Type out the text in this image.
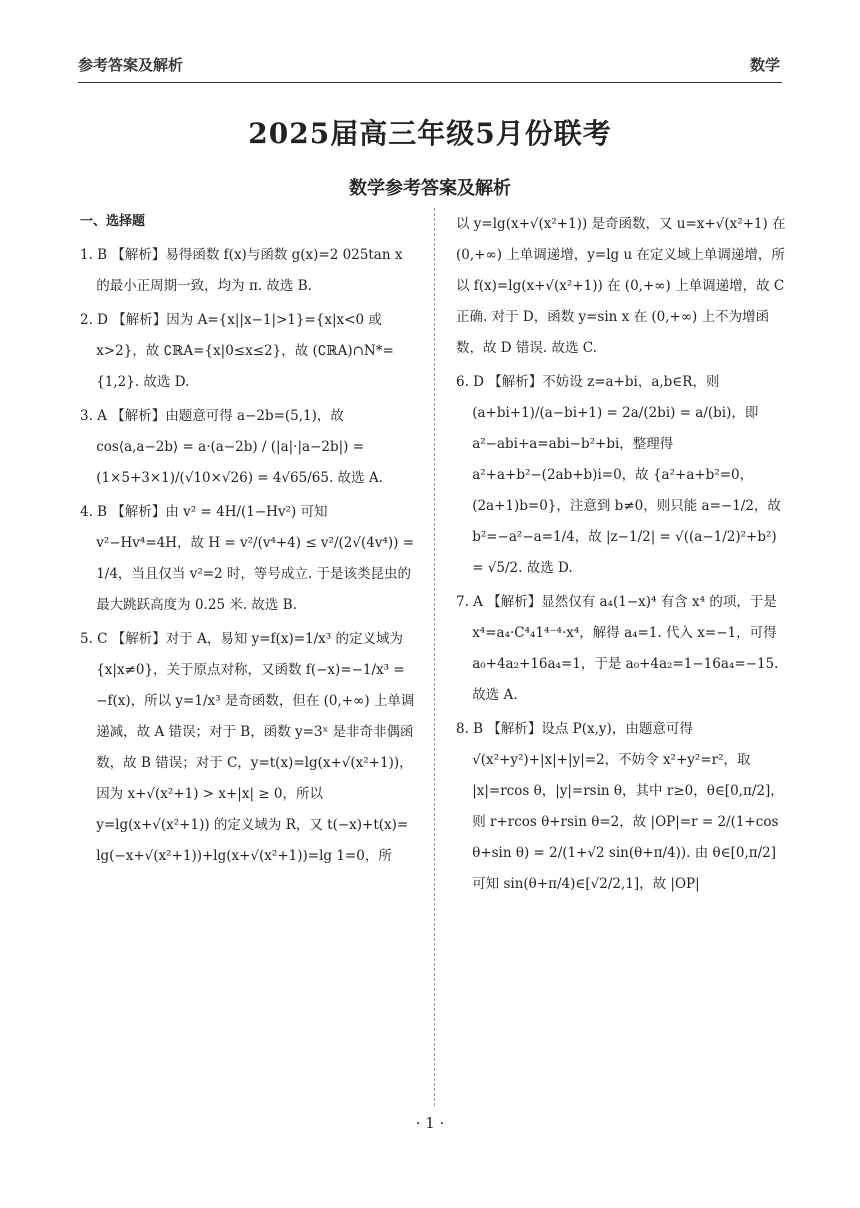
参考答案及解析	数学
2025届高三年级5月份联考
数学参考答案及解析
一、选择题
1. B 【解析】易得函数 f(x)与函数 g(x)=2 025tan x 的最小正周期一致，均为 π. 故选 B.
2. D 【解析】因为 A={x||x−1|>1}={x|x<0 或 x>2}，故 ∁ℝA={x|0≤x≤2}，故 (∁ℝA)∩N*={1,2}. 故选 D.
3. A 【解析】由题意可得 a−2b=(5,1)，故 cos⟨a,a−2b⟩ = a·(a−2b) / (|a|·|a−2b|) = (1×5+3×1)/(√10×√26) = 4√65/65. 故选 A.
4. B 【解析】由 v² = 4H/(1−Hv²) 可知 v²−Hv⁴=4H，故 H = v²/(v⁴+4) ≤ v²/(2√(4v⁴)) = 1/4，当且仅当 v²=2 时，等号成立. 于是该类昆虫的最大跳跃高度为 0.25 米. 故选 B.
5. C 【解析】对于 A，易知 y=f(x)=1/x³ 的定义域为 {x|x≠0}，关于原点对称，又函数 f(−x)=−1/x³ = −f(x)，所以 y=1/x³ 是奇函数，但在 (0,+∞) 上单调递减，故 A 错误；对于 B，函数 y=3ˣ 是非奇非偶函数，故 B 错误；对于 C，y=t(x)=lg(x+√(x²+1))，因为 x+√(x²+1) > x+|x| ≥ 0，所以 y=lg(x+√(x²+1)) 的定义域为 R，又 t(−x)+t(x)= lg(−x+√(x²+1))+lg(x+√(x²+1))=lg 1=0，所
以 y=lg(x+√(x²+1)) 是奇函数，又 u=x+√(x²+1) 在 (0,+∞) 上单调递增，y=lg u 在定义域上单调递增，所以 f(x)=lg(x+√(x²+1)) 在 (0,+∞) 上单调递增，故 C 正确. 对于 D，函数 y=sin x 在 (0,+∞) 上不为增函数，故 D 错误. 故选 C.
6. D 【解析】不妨设 z=a+bi，a,b∈R，则 (a+bi+1)/(a−bi+1) = 2a/(2bi) = a/(bi)，即 a²−abi+a=abi−b²+bi，整理得 a²+a+b²−(2ab+b)i=0，故 {a²+a+b²=0，(2a+1)b=0}，注意到 b≠0，则只能 a=−1/2，故 b²=−a²−a=1/4，故 |z−1/2| = √((a−1/2)²+b²) = √5/2. 故选 D.
7. A 【解析】显然仅有 a₄(1−x)⁴ 有含 x⁴ 的项，于是 x⁴=a₄·C⁴₄1⁴⁻⁴·x⁴，解得 a₄=1. 代入 x=−1，可得 a₀+4a₂+16a₄=1，于是 a₀+4a₂=1−16a₄=−15. 故选 A.
8. B 【解析】设点 P(x,y)，由题意可得 √(x²+y²)+|x|+|y|=2，不妨令 x²+y²=r²，取 |x|=rcos θ，|y|=rsin θ，其中 r≥0，θ∈[0,π/2]，则 r+rcos θ+rsin θ=2，故 |OP|=r = 2/(1+cos θ+sin θ) = 2/(1+√2 sin(θ+π/4)). 由 θ∈[0,π/2] 可知 sin(θ+π/4)∈[√2/2,1]，故 |OP|
· 1 ·
